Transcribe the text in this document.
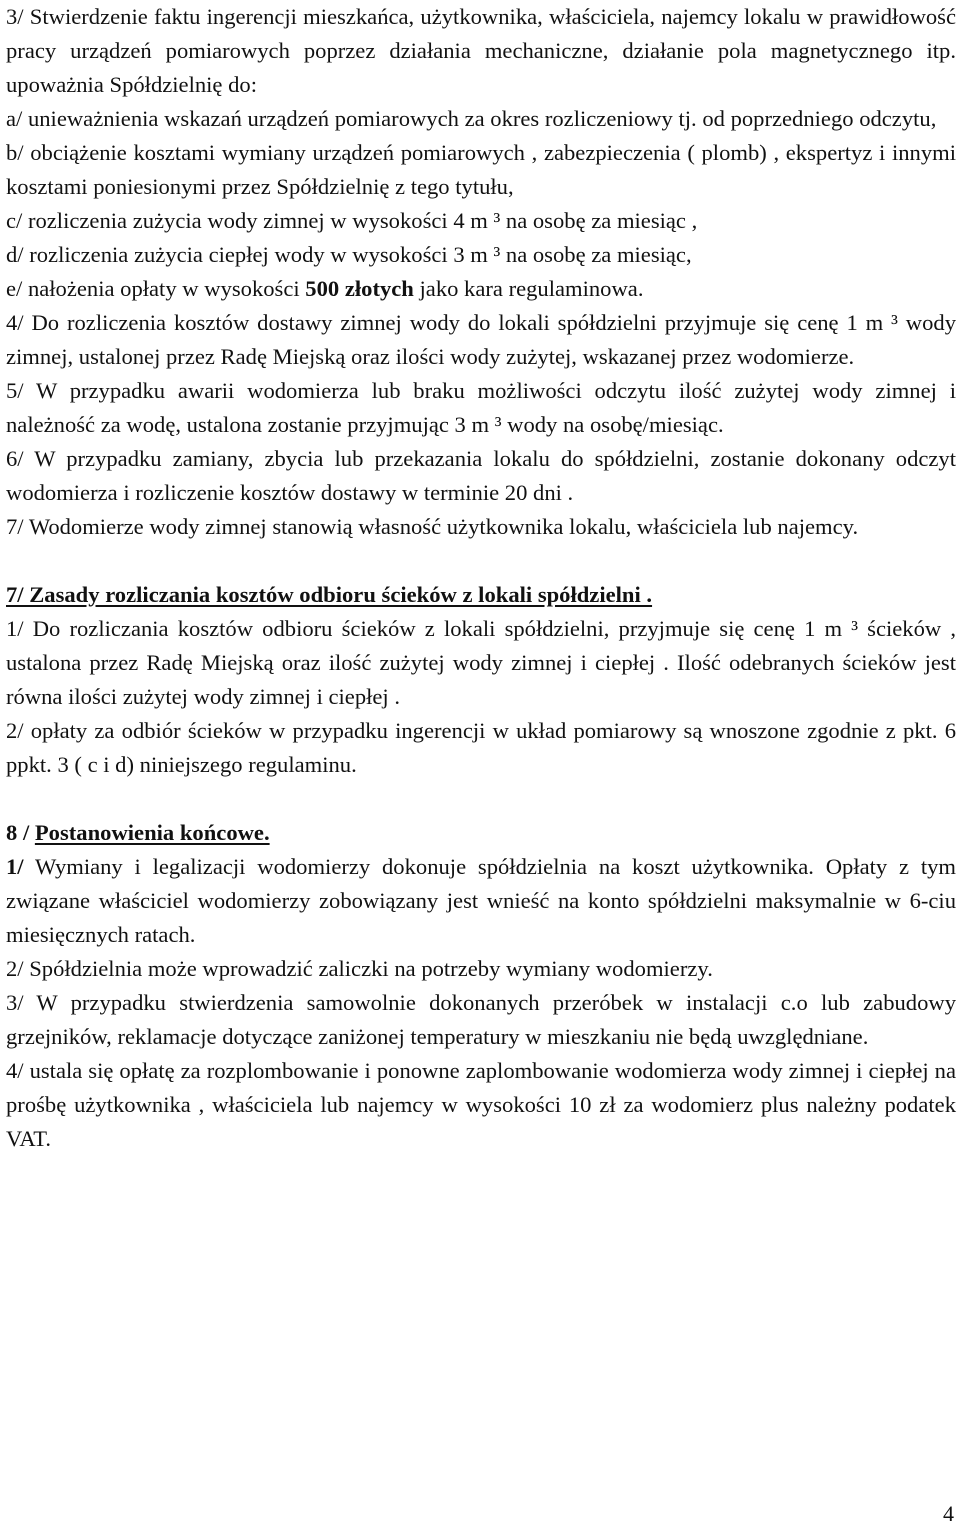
3/ Stwierdzenie faktu ingerencji mieszkańca, użytkownika, właściciela, najemcy lokalu w prawidłowość pracy urządzeń pomiarowych poprzez działania mechaniczne, działanie pola magnetycznego itp. upoważnia Spółdzielnię do:

a/ unieważnienia wskazań urządzeń pomiarowych za okres rozliczeniowy tj. od poprzedniego odczytu,

b/ obciążenie kosztami wymiany urządzeń pomiarowych , zabezpieczenia ( plomb) , ekspertyz i innymi kosztami poniesionymi przez Spółdzielnię z tego tytułu,

c/ rozliczenia zużycia wody zimnej w wysokości 4 m ³ na osobę za miesiąc ,

d/ rozliczenia zużycia ciepłej wody w wysokości 3 m ³ na osobę za miesiąc,

e/ nałożenia opłaty w wysokości 500 złotych jako kara regulaminowa.

4/ Do rozliczenia kosztów dostawy zimnej wody do lokali spółdzielni przyjmuje się cenę 1 m ³ wody zimnej, ustalonej przez Radę Miejską oraz ilości wody zużytej, wskazanej przez wodomierze.

5/ W przypadku awarii wodomierza lub braku możliwości odczytu ilość zużytej wody zimnej i należność za wodę, ustalona zostanie przyjmując 3 m ³ wody na osobę/miesiąc.

6/ W przypadku zamiany, zbycia lub przekazania lokalu do spółdzielni, zostanie dokonany odczyt wodomierza i rozliczenie kosztów dostawy w terminie 20 dni .

7/ Wodomierze wody zimnej stanowią własność użytkownika lokalu, właściciela lub najemcy.

7/ Zasady rozliczania kosztów odbioru ścieków z lokali spółdzielni .

1/ Do rozliczania kosztów odbioru ścieków z lokali spółdzielni, przyjmuje się cenę 1 m ³ ścieków , ustalona przez Radę Miejską oraz ilość zużytej wody zimnej i ciepłej . Ilość odebranych ścieków jest równa ilości zużytej wody zimnej i ciepłej .

2/ opłaty za odbiór ścieków w przypadku ingerencji w układ pomiarowy są wnoszone zgodnie z pkt. 6 ppkt. 3 ( c i d) niniejszego regulaminu.

8 / Postanowienia końcowe.

1/ Wymiany i legalizacji wodomierzy dokonuje spółdzielnia na koszt użytkownika. Opłaty z tym związane właściciel wodomierzy zobowiązany jest wnieść na konto spółdzielni maksymalnie w 6-ciu miesięcznych ratach.

2/ Spółdzielnia może wprowadzić zaliczki na potrzeby wymiany wodomierzy.

3/ W przypadku stwierdzenia samowolnie dokonanych przeróbek w instalacji c.o lub zabudowy grzejników, reklamacje dotyczące zaniżonej temperatury w mieszkaniu nie będą uwzględniane.

4/ ustala się opłatę za rozplombowanie i ponowne zaplombowanie wodomierza wody zimnej i ciepłej na prośbę użytkownika , właściciela lub najemcy w wysokości 10 zł za wodomierz plus należny podatek VAT.

4
